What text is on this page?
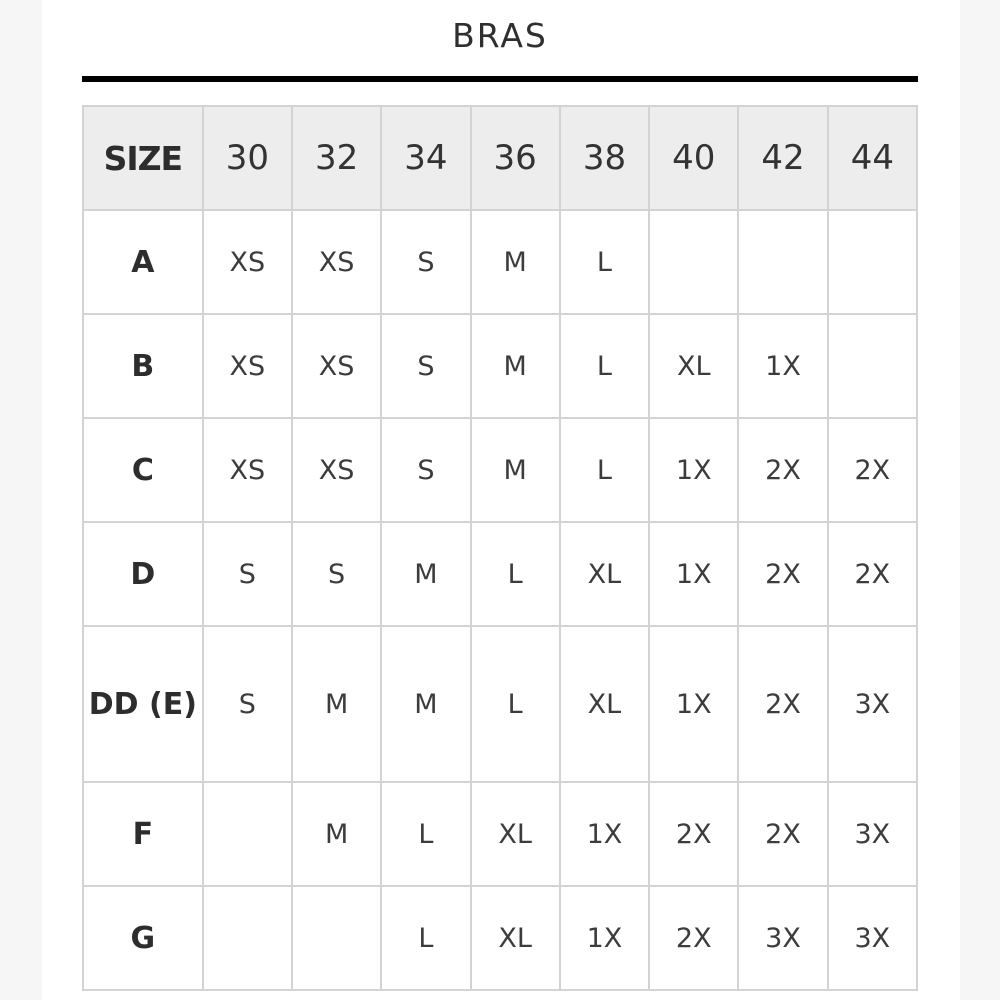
BRAS
SIZE	30	32	34	36	38	40	42	44
A	XS	XS	S	M	L			
B	XS	XS	S	M	L	XL	1X	
C	XS	XS	S	M	L	1X	2X	2X
D	S	S	M	L	XL	1X	2X	2X
DD (E)	S	M	M	L	XL	1X	2X	3X
F		M	L	XL	1X	2X	2X	3X
G			L	XL	1X	2X	3X	3X
